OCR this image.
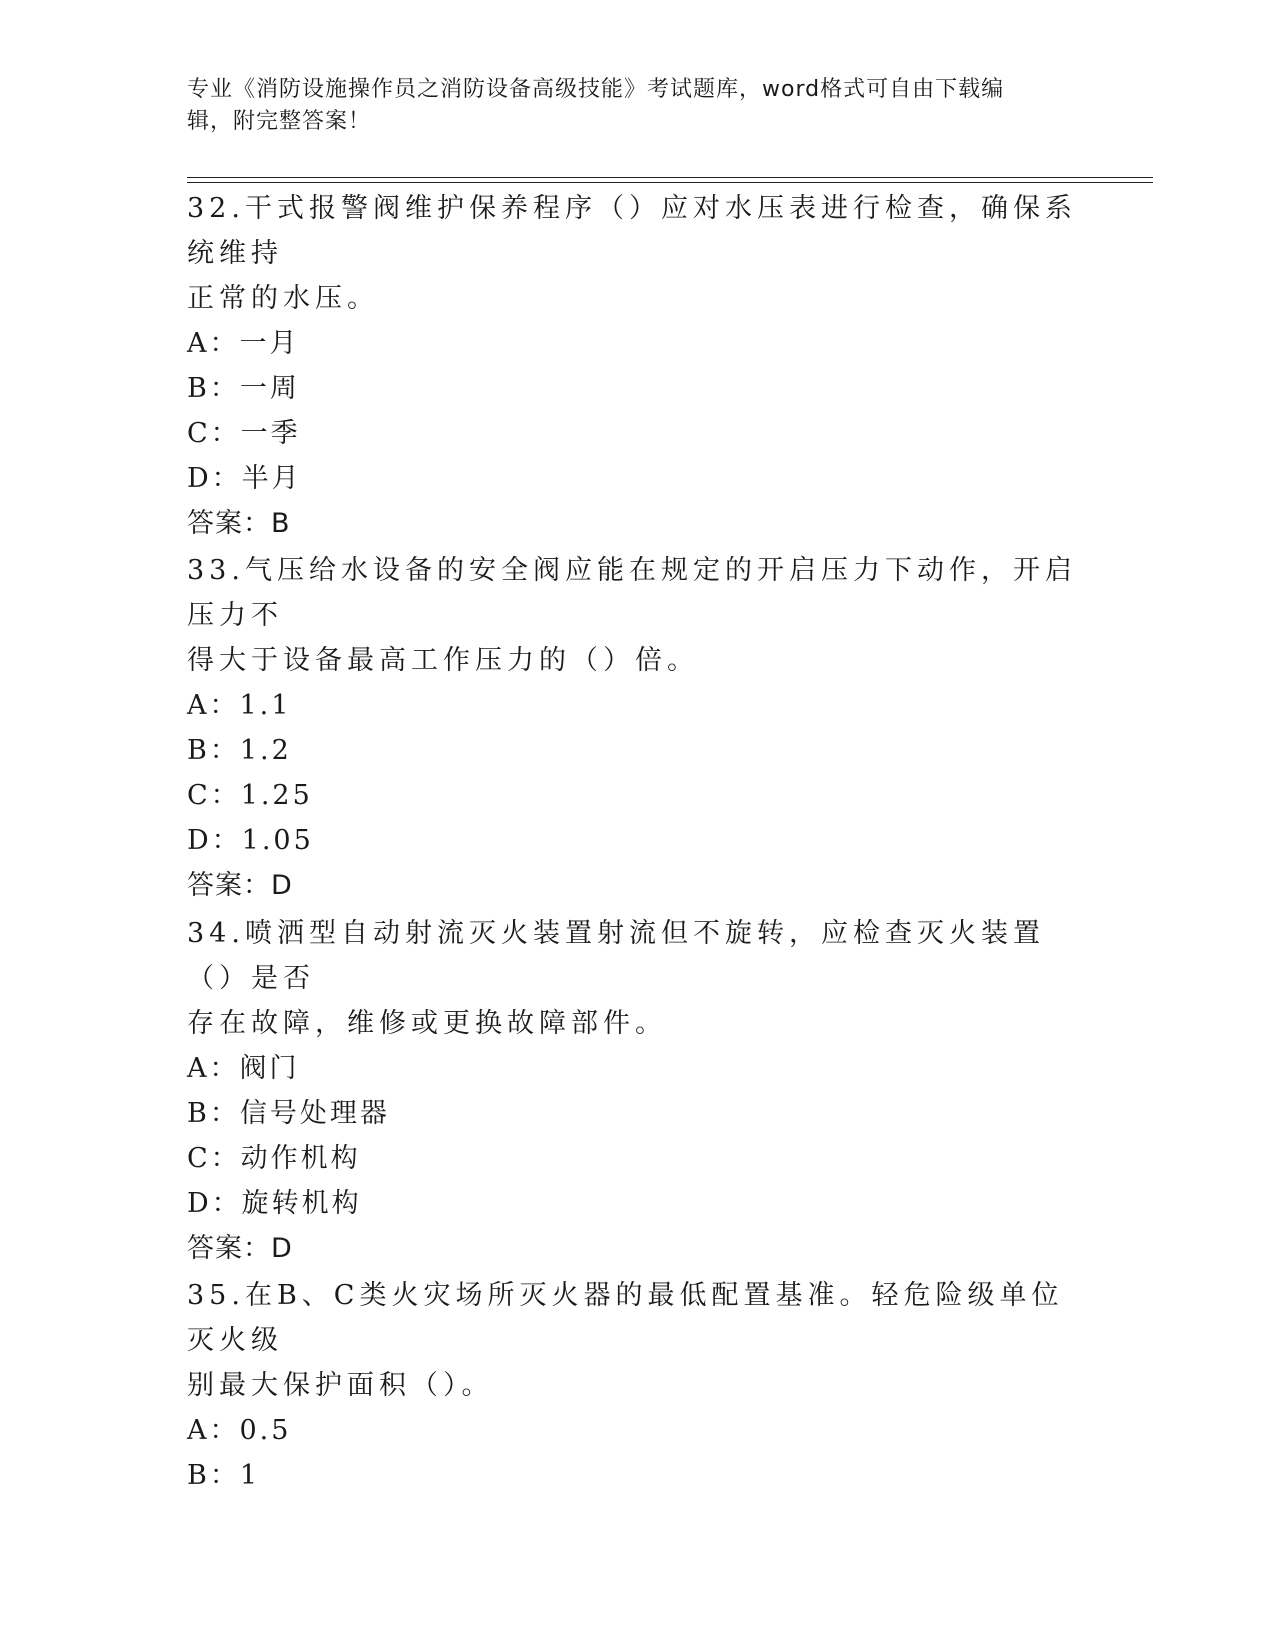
专业《消防设施操作员之消防设备高级技能》考试题库，word格式可自由下载编
辑，附完整答案！

32.干式报警阀维护保养程序（）应对水压表进行检查，确保系统维持

正常的水压。

A：一月

B：一周

C：一季

D：半月

答案：B

33.气压给水设备的安全阀应能在规定的开启压力下动作，开启压力不

得大于设备最高工作压力的（）倍。

A：1.1

B：1.2

C：1.25

D：1.05

答案：D

34.喷洒型自动射流灭火装置射流但不旋转，应检查灭火装置（）是否

存在故障，维修或更换故障部件。

A：阀门

B：信号处理器

C：动作机构

D：旋转机构

答案：D

35.在B、C类火灾场所灭火器的最低配置基准。轻危险级单位灭火级

别最大保护面积（）。

A：0.5

B：1
